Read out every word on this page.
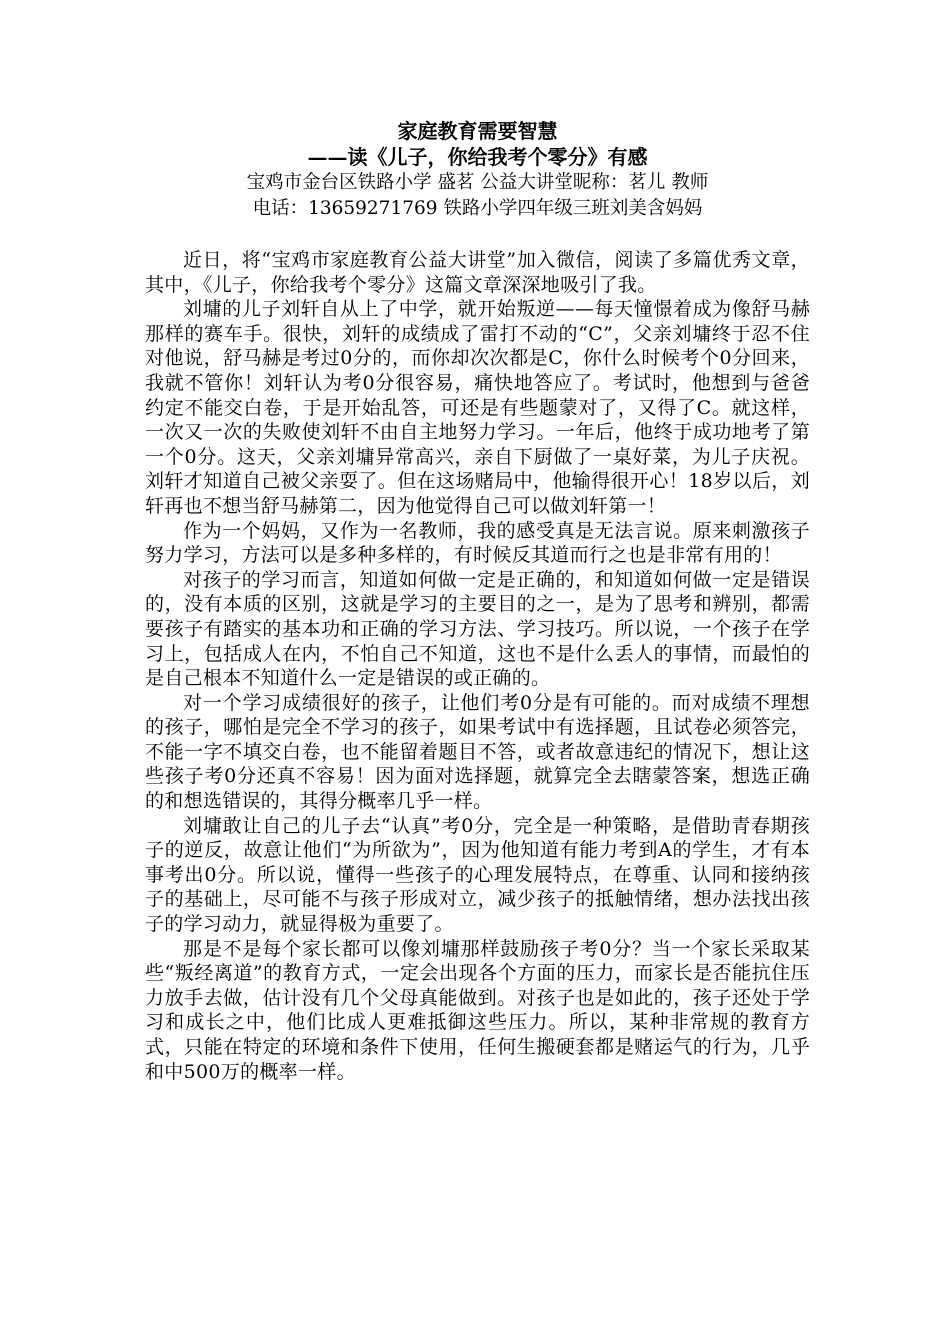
家庭教育需要智慧
——读《儿子，你给我考个零分》有感

宝鸡市金台区铁路小学 盛茗 公益大讲堂昵称：茗儿 教师

电话：13659271769 铁路小学四年级三班刘美含妈妈

近日，将“宝鸡市家庭教育公益大讲堂”加入微信，阅读了多篇优秀文章，其中，《儿子，你给我考个零分》这篇文章深深地吸引了我。

刘墉的儿子刘轩自从上了中学，就开始叛逆——每天憧憬着成为像舒马赫那样的赛车手。很快，刘轩的成绩成了雷打不动的“C”，父亲刘墉终于忍不住对他说，舒马赫是考过0分的，而你却次次都是C，你什么时候考个0分回来，我就不管你！刘轩认为考0分很容易，痛快地答应了。考试时，他想到与爸爸约定不能交白卷，于是开始乱答，可还是有些题蒙对了，又得了C。就这样，一次又一次的失败使刘轩不由自主地努力学习。一年后，他终于成功地考了第一个0分。这天，父亲刘墉异常高兴，亲自下厨做了一桌好菜，为儿子庆祝。刘轩才知道自己被父亲耍了。但在这场赌局中，他输得很开心！18岁以后，刘轩再也不想当舒马赫第二，因为他觉得自己可以做刘轩第一！

作为一个妈妈，又作为一名教师，我的感受真是无法言说。原来刺激孩子努力学习，方法可以是多种多样的，有时候反其道而行之也是非常有用的！

对孩子的学习而言，知道如何做一定是正确的，和知道如何做一定是错误的，没有本质的区别，这就是学习的主要目的之一，是为了思考和辨别，都需要孩子有踏实的基本功和正确的学习方法、学习技巧。所以说，一个孩子在学习上，包括成人在内，不怕自己不知道，这也不是什么丢人的事情，而最怕的是自己根本不知道什么一定是错误的或正确的。

对一个学习成绩很好的孩子，让他们考0分是有可能的。而对成绩不理想的孩子，哪怕是完全不学习的孩子，如果考试中有选择题，且试卷必须答完，不能一字不填交白卷，也不能留着题目不答，或者故意违纪的情况下，想让这些孩子考0分还真不容易！因为面对选择题，就算完全去瞎蒙答案，想选正确的和想选错误的，其得分概率几乎一样。

刘墉敢让自己的儿子去“认真”考0分，完全是一种策略，是借助青春期孩子的逆反，故意让他们“为所欲为”，因为他知道有能力考到A的学生，才有本事考出0分。所以说，懂得一些孩子的心理发展特点，在尊重、认同和接纳孩子的基础上，尽可能不与孩子形成对立，减少孩子的抵触情绪，想办法找出孩子的学习动力，就显得极为重要了。

那是不是每个家长都可以像刘墉那样鼓励孩子考0分？当一个家长采取某些“叛经离道”的教育方式，一定会出现各个方面的压力，而家长是否能抗住压力放手去做，估计没有几个父母真能做到。对孩子也是如此的，孩子还处于学习和成长之中，他们比成人更难抵御这些压力。所以，某种非常规的教育方式，只能在特定的环境和条件下使用，任何生搬硬套都是赌运气的行为，几乎和中500万的概率一样。
